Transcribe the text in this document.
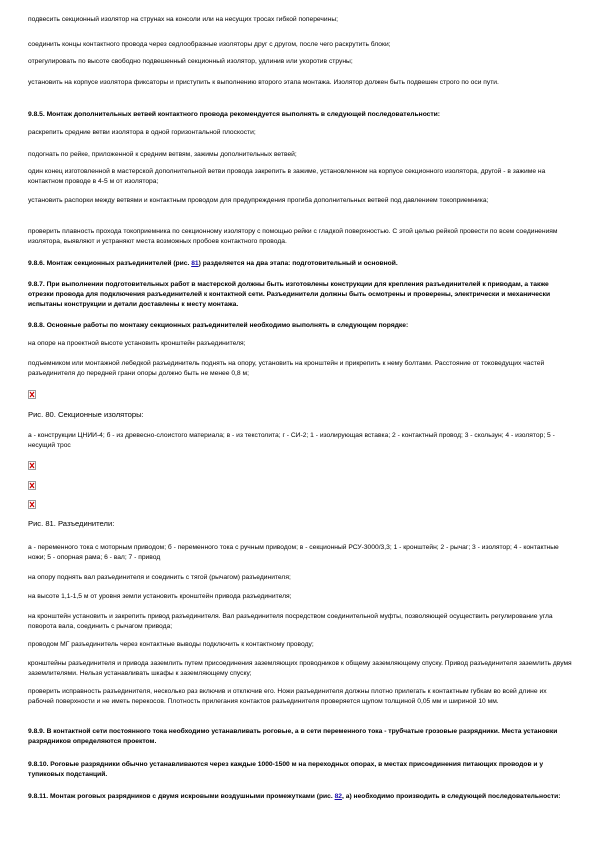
подвесить секционный изолятор на струнах на консоли или на несущих тросах гибкой поперечины;

соединить концы контактного провода через седлообразные изоляторы друг с другом, после чего раскрутить блоки;

отрегулировать по высоте свободно подвешенный секционный изолятор, удлинив или укоротив струны;

установить на корпусе изолятора фиксаторы и приступить к выполнению второго этапа монтажа. Изолятор должен быть подвешен строго по оси пути.

9.8.5. Монтаж дополнительных ветвей контактного провода рекомендуется выполнять в следующей последовательности:

раскрепить средние ветви изолятора в одной горизонтальной плоскости;

подогнать по рейке, приложенной к средним ветвям, зажимы дополнительных ветвей;

один конец изготовленной в мастерской дополнительной ветви провода закрепить в зажиме, установленном на корпусе секционного изолятора, другой - в зажиме на контактном проводе в 4-5 м от изолятора;

установить распорки между ветвями и контактным проводом для предупреждения прогиба дополнительных ветвей под давлением токоприемника;

проверить плавность прохода токоприемника по секционному изолятору с помощью рейки с гладкой поверхностью. С этой целью рейкой провести по всем соединениям изолятора, выявляют и устраняют места возможных пробоев контактного провода.

9.8.6. Монтаж секционных разъединителей (рис. 81) разделяется на два этапа: подготовительный и основной.

9.8.7. При выполнении подготовительных работ в мастерской должны быть изготовлены конструкции для крепления разъединителей к приводам, а также отрезки провода для подключения разъединителей к контактной сети. Разъединители должны быть осмотрены и проверены, электрически и механически испытаны конструкции и детали доставлены к месту монтажа.

9.8.8. Основные работы по монтажу секционных разъединителей необходимо выполнять в следующем порядке:

на опоре на проектной высоте установить кронштейн разъединителя;

подъемником или монтажной лебедкой разъединитель поднять на опору, установить на кронштейн и прикрепить к нему болтами. Расстояние от токоведущих частей разъединителя до передней грани опоры должно быть не менее 0,8 м;

Рис. 80. Секционные изоляторы:

а - конструкции ЦНИИ-4; б - из древесно-слоистого материала; в - из текстолита; г - СИ-2; 1 - изолирующая вставка; 2 - контактный провод; 3 - скользун; 4 - изолятор; 5 - несущий трос

Рис. 81. Разъединители:

а - переменного тока с моторным приводом; б - переменного тока с ручным приводом; в - секционный РСУ-3000/3,3; 1 - кронштейн; 2 - рычаг; 3 - изолятор; 4 - контактные ножи; 5 - опорная рама; 6 - вал; 7 - привод

на опору поднять вал разъединителя и соединить с тягой (рычагом) разъединителя;

на высоте 1,1-1,5 м от уровня земли установить кронштейн привода разъединителя;

на кронштейн установить и закрепить привод разъединителя. Вал разъединителя посредством соединительной муфты, позволяющей осуществить регулирование угла поворота вала, соединить с рычагом привода;

проводом МГ разъединитель через контактные выводы подключить к контактному проводу;

кронштейны разъединителя и привода заземлить путем присоединения заземляющих проводников к общему заземляющему спуску. Привод разъединителя заземлить двумя заземлителями. Нельзя устанавливать шкафы к заземляющему спуску;

проверить исправность разъединителя, несколько раз включив и отключив его. Ножи разъединителя должны плотно прилегать к контактным губкам во всей длине их рабочей поверхности и не иметь перекосов. Плотность прилегания контактов разъединителя проверяется щупом толщиной 0,05 мм и шириной 10 мм.

9.8.9. В контактной сети постоянного тока необходимо устанавливать роговые, а в сети переменного тока - трубчатые грозовые разрядники. Места установки разрядников определяются проектом.

9.8.10. Роговые разрядники обычно устанавливаются через каждые 1000-1500 м на переходных опорах, в местах присоединения питающих проводов и у тупиковых подстанций.

9.8.11. Монтаж роговых разрядников с двумя искровыми воздушными промежутками (рис. 82, а) необходимо производить в следующей последовательности:
